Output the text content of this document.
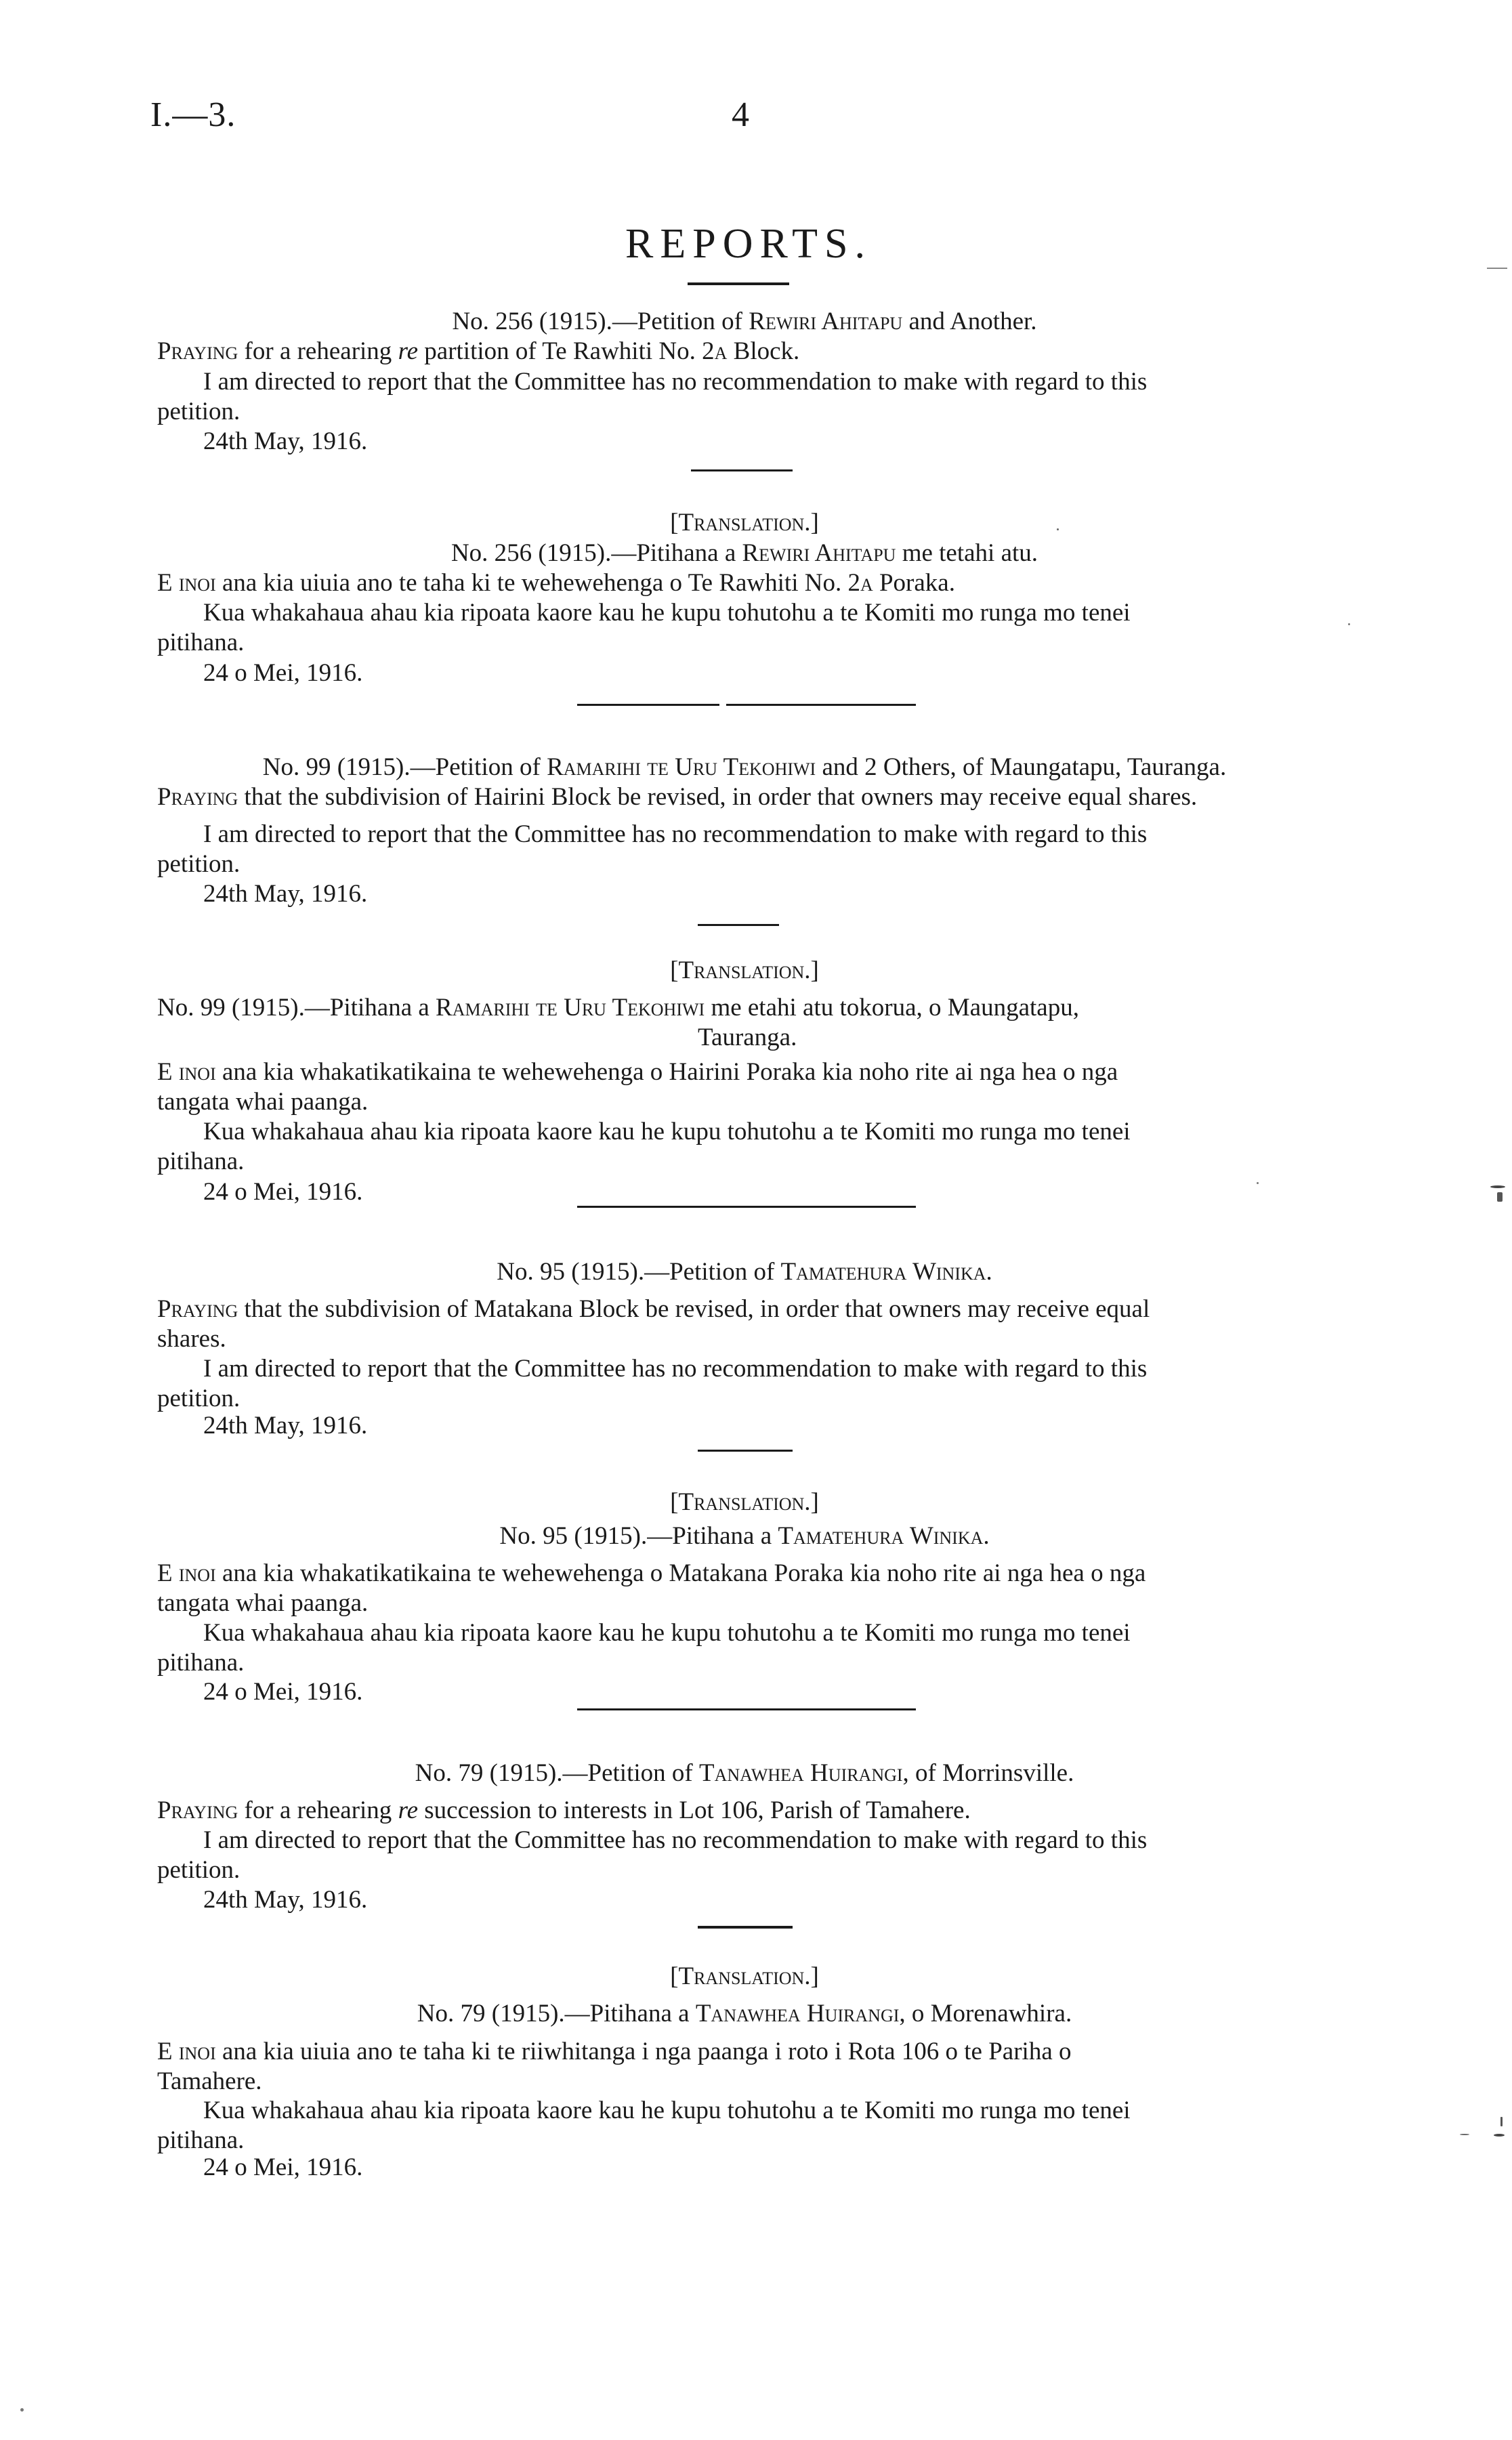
I.—3.	4
REPORTS.
No. 256 (1915).—Petition of Rewiri Ahitapu and Another.
Praying for a rehearing re partition of Te Rawhiti No. 2a Block.
I am directed to report that the Committee has no recommendation to make with regard to this
petition.
24th May, 1916.
[Translation.]
No. 256 (1915).—Pitihana a Rewiri Ahitapu me tetahi atu.
E inoi ana kia uiuia ano te taha ki te wehewehenga o Te Rawhiti No. 2a Poraka.
Kua whakahaua ahau kia ripoata kaore kau he kupu tohutohu a te Komiti mo runga mo tenei
pitihana.
24 o Mei, 1916.
No. 99 (1915).—Petition of Ramarihi te Uru Tekohiwi and 2 Others, of Maungatapu, Tauranga.
Praying that the subdivision of Hairini Block be revised, in order that owners may receive equal shares.
I am directed to report that the Committee has no recommendation to make with regard to this
petition.
24th May, 1916.
[Translation.]
No. 99 (1915).—Pitihana a Ramarihi te Uru Tekohiwi me etahi atu tokorua, o Maungatapu,
Tauranga.
E inoi ana kia whakatikatikaina te wehewehenga o Hairini Poraka kia noho rite ai nga hea o nga
tangata whai paanga.
Kua whakahaua ahau kia ripoata kaore kau he kupu tohutohu a te Komiti mo runga mo tenei
pitihana.
24 o Mei, 1916.
No. 95 (1915).—Petition of Tamatehura Winika.
Praying that the subdivision of Matakana Block be revised, in order that owners may receive equal
shares.
I am directed to report that the Committee has no recommendation to make with regard to this
petition.
24th May, 1916.
[Translation.]
No. 95 (1915).—Pitihana a Tamatehura Winika.
E inoi ana kia whakatikatikaina te wehewehenga o Matakana Poraka kia noho rite ai nga hea o nga
tangata whai paanga.
Kua whakahaua ahau kia ripoata kaore kau he kupu tohutohu a te Komiti mo runga mo tenei
pitihana.
24 o Mei, 1916.
No. 79 (1915).—Petition of Tanawhea Huirangi, of Morrinsville.
Praying for a rehearing re succession to interests in Lot 106, Parish of Tamahere.
I am directed to report that the Committee has no recommendation to make with regard to this
petition.
24th May, 1916.
[Translation.]
No. 79 (1915).—Pitihana a Tanawhea Huirangi, o Morenawhira.
E inoi ana kia uiuia ano te taha ki te riiwhitanga i nga paanga i roto i Rota 106 o te Pariha o
Tamahere.
Kua whakahaua ahau kia ripoata kaore kau he kupu tohutohu a te Komiti mo runga mo tenei
pitihana.
24 o Mei, 1916.
